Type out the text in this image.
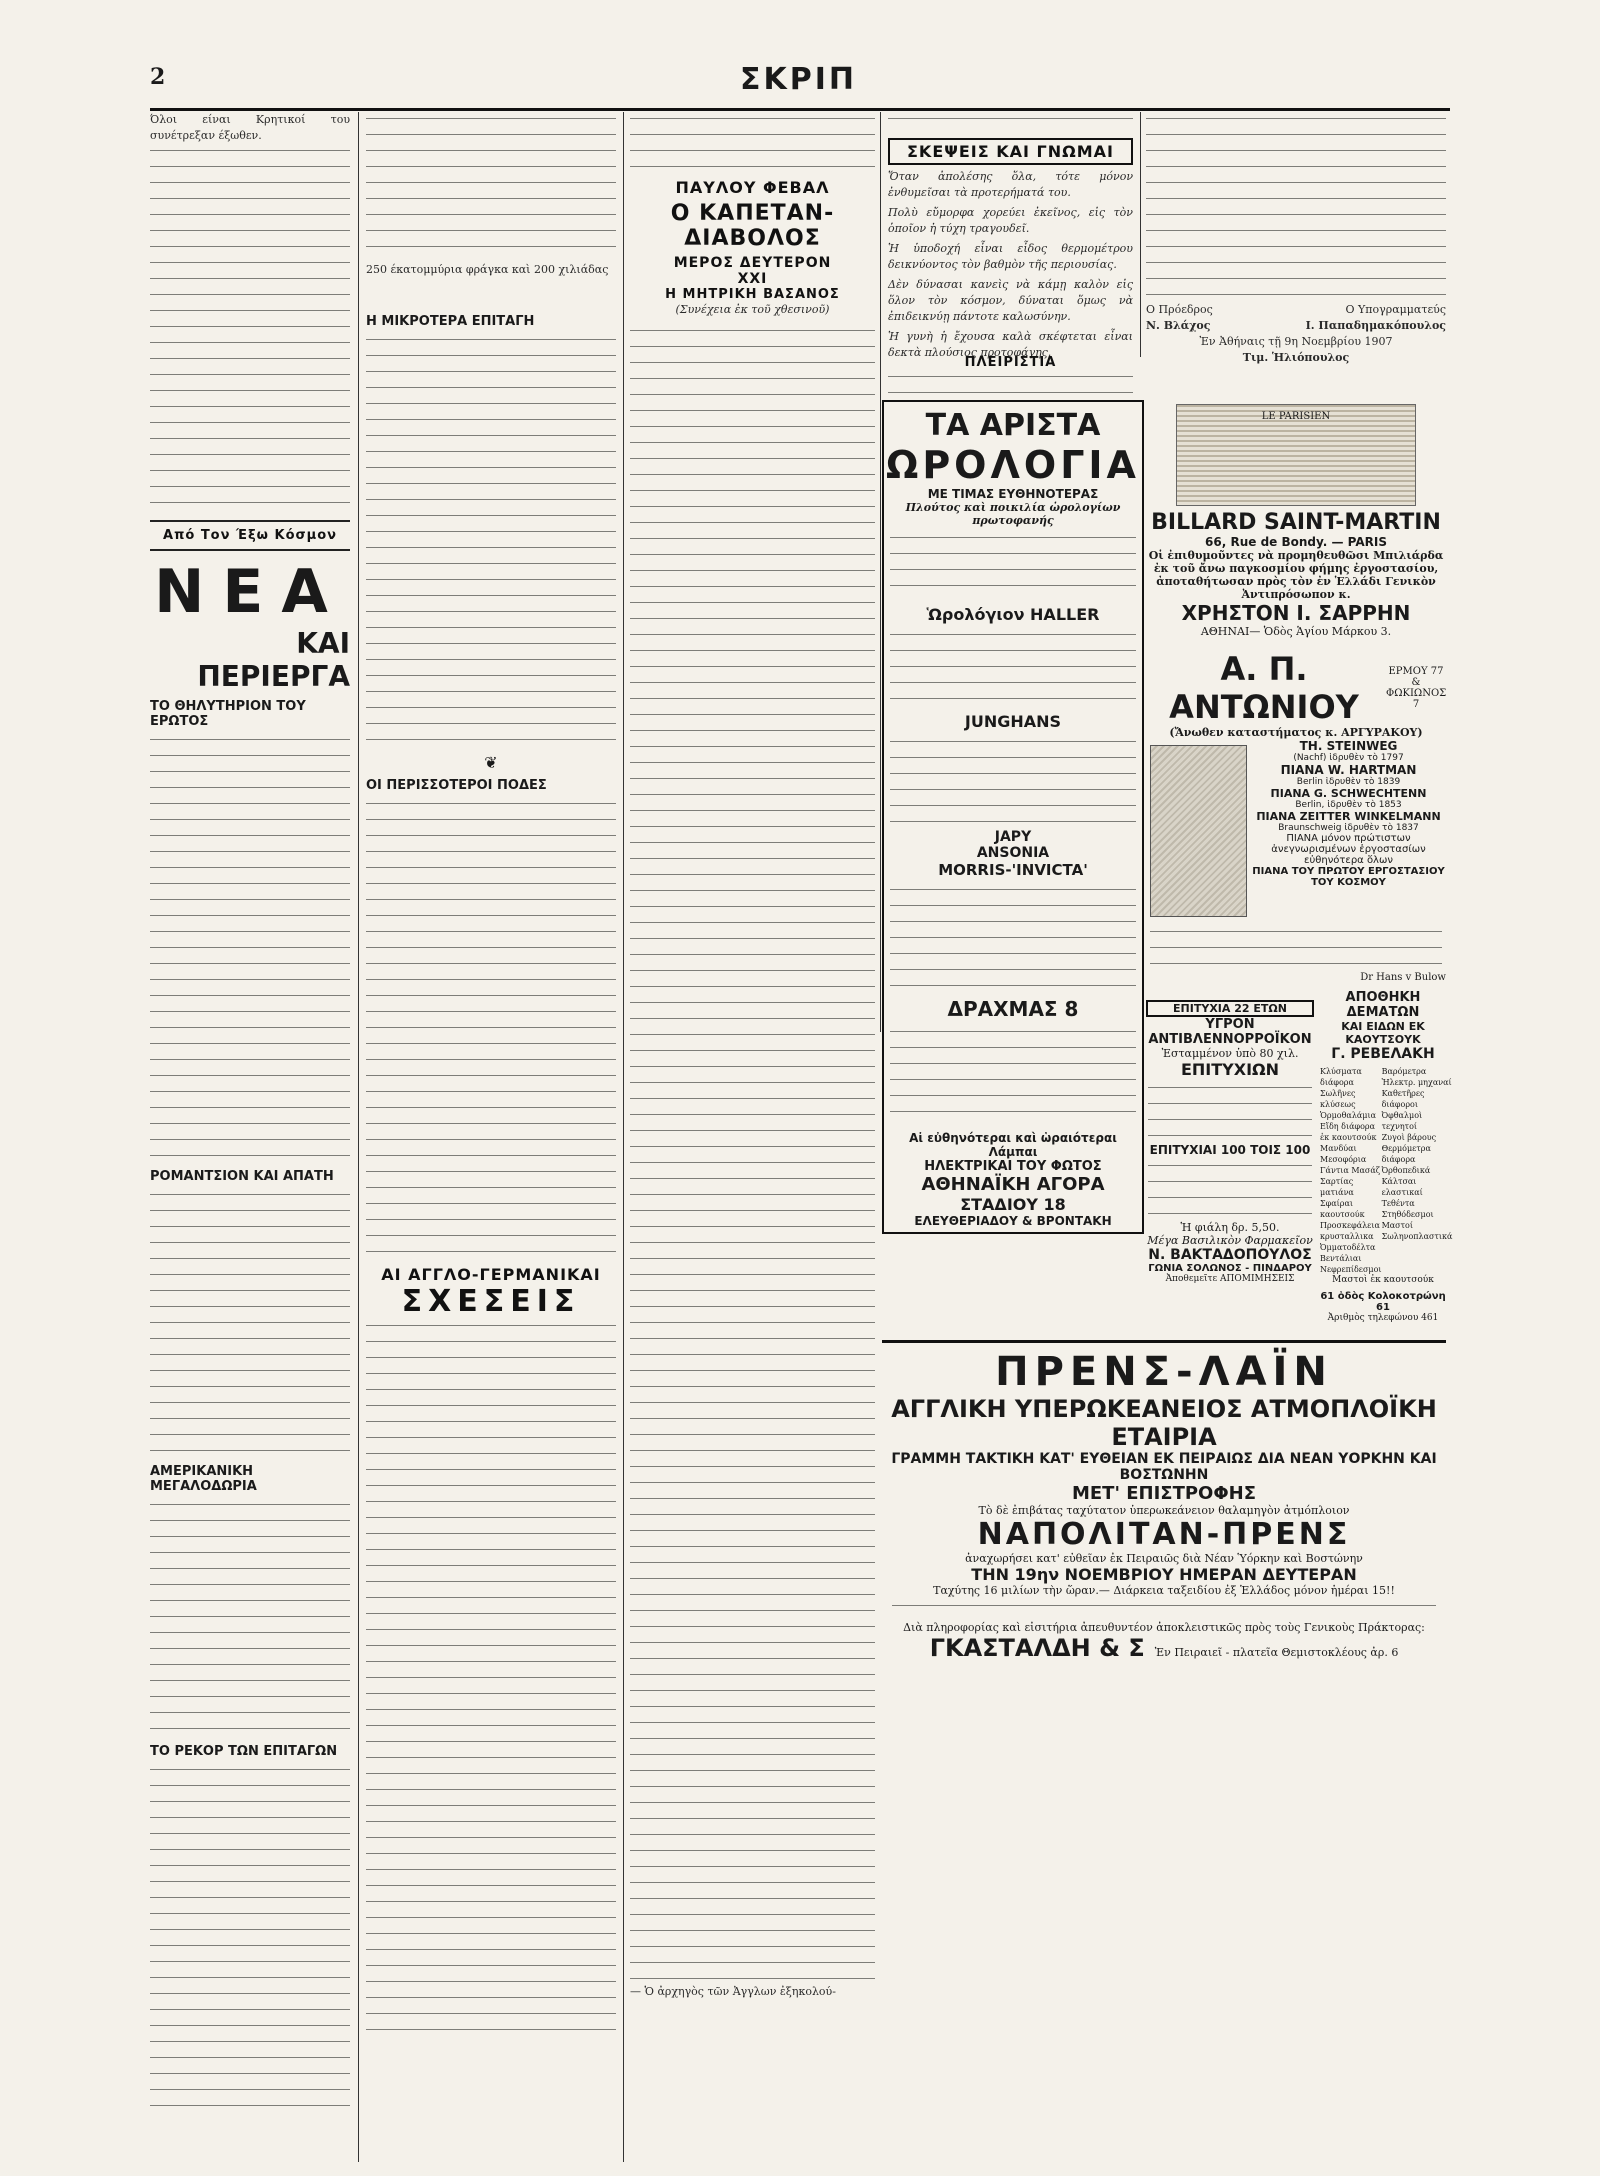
2	ΣΚΡΙΠ
Όλοι είναι Κρητικοί του συνέτρεξαν έξωθεν.
Από Τον Έξω Κόσμον
ΝΕΑ
ΚΑΙ ΠΕΡΙΕΡΓΑ
ΤΟ ΘΗΛΥΤΗΡΙΟΝ ΤΟΥ ΕΡΩΤΟΣ
ΡΟΜΑΝΤΣΙΟΝ ΚΑΙ ΑΠΑΤΗ
ΑΜΕΡΙΚΑΝΙΚΗ ΜΕΓΑΛΟΔΩΡΙΑ
ΤΟ ΡΕΚΟΡ ΤΩΝ ΕΠΙΤΑΓΩΝ
250 έκατομμύρια φράγκα καὶ 200 χιλιάδας
Η ΜΙΚΡΟΤΕΡΑ ΕΠΙΤΑΓΗ
❦
ΟΙ ΠΕΡΙΣΣΟΤΕΡΟΙ ΠΟΔΕΣ
ΑΙ ΑΓΓΛΟ-ΓΕΡΜΑΝΙΚΑΙ
ΣΧΕΣΕΙΣ
ΠΑΥΛΟΥ ΦΕΒΑΛ
Ο ΚΑΠΕΤΑΝ-ΔΙΑΒΟΛΟΣ
ΜΕΡΟΣ ΔΕΥΤΕΡΟΝ
XXI
Η ΜΗΤΡΙΚΗ ΒΑΣΑΝΟΣ
(Συνέχεια ἐκ τοῦ χθεσινοῦ)
— Ὁ ἀρχηγὸς τῶν Ἀγγλων ἐξηκολού-
ΣΚΕΨΕΙΣ ΚΑΙ ΓΝΩΜΑΙ
Ὅταν ἀπολέσης ὅλα, τότε μόνον ἐνθυμεῖσαι τὰ προτερήματά του.
Πολὺ εὔμορφα χορεύει ἐκεῖνος, εἰς τὸν ὁποῖον ἡ τύχη τραγουδεῖ.
Ἡ ὑποδοχή εἶναι εἶδος θερμομέτρου δεικνύοντος τὸν βαθμὸν τῆς περιουσίας.
Δὲν δύνασαι κανεὶς νὰ κάμῃ καλὸν εἰς ὅλον τὸν κόσμον, δύναται ὅμως νὰ ἐπιδεικνύῃ πάντοτε καλωσύνην.
Ἡ γυνὴ ἡ ἔχουσα καλὰ σκέφτεται εἶναι δεκτὰ πλούσιος προτοφάγης.
ΠΛΕΙΡΙΣΤΙΑ
Ο Πρόεδρος	Ο Υπογραμματεύς
Ν. Βλάχος	Ι. Παπαδημακόπουλος
Ἐν Ἀθήναις τῇ 9η Νοεμβρίου 1907
Τιμ. Ἡλιόπουλος
ΤΑ ΑΡΙΣΤΑ
ΩΡΟΛΟΓΙΑ
ΜΕ ΤΙΜΑΣ ΕΥΘΗΝΟΤΕΡΑΣ
Πλούτος καὶ ποικιλία ὡρολογίων πρωτοφανής
Ὡρολόγιον HALLER
JUNGHANS
JAPY
ANSONIA
MORRIS-'INVICTA'
ΔΡΑΧΜΑΣ 8
Αἰ εὐθηνότεραι καὶ ὡραιότεραι Λάμπαι
ΗΛΕΚΤΡΙΚΑΙ ΤΟΥ ΦΩΤΟΣ
ΑΘΗΝΑΪΚΗ ΑΓΟΡΑ
ΣΤΑΔΙΟΥ 18
ΕΛΕΥΘΕΡΙΑΔΟΥ & ΒΡΟΝΤΑΚΗ
LE PARISIEN
BILLARD SAINT-MARTIN
66, Rue de Bondy. — PARIS
Οἱ ἐπιθυμοῦντες νὰ προμηθευθῶσι Μπιλιάρδα ἐκ τοῦ ἄνω παγκοσμίου φήμης ἐργοστασίου, ἀποταθήτωσαν πρὸς τὸν ἐν Ἑλλάδι Γενικὸν Ἀντιπρόσωπον κ.
ΧΡΗΣΤΟΝ Ι. ΣΑΡΡΗΝ
ΑΘΗΝΑΙ— Ὁδὸς Ἁγίου Μάρκου 3.
Α. Π. ΑΝΤΩΝΙΟΥ
ΕΡΜΟΥ 77 & ΦΩΚΙΩΝΟΣ 7
(Ἄνωθεν καταστήματος κ. ΑΡΓΥΡΑΚΟΥ)
TH. STEINWEG
(Nachf) ἱδρυθὲν τὸ 1797
ΠΙΑΝΑ W. HARTMAN
Berlin ἱδρυθὲν τὸ 1839
ΠΙΑΝΑ G. SCHWECHTENN
Berlin, ἱδρυθὲν τὸ 1853
ΠΙΑΝΑ ZEITTER WINKELMANN
Braunschweig ἱδρυθὲν τὸ 1837
ΠΙΑΝΑ μόνον πρώτιστων ἀνεγνωρισμένων ἐργοστασίων εὐθηνότερα ὅλων
ΠΙΑΝΑ ΤΟΥ ΠΡΩΤΟΥ ΕΡΓΟΣΤΑΣΙΟΥ ΤΟΥ ΚΟΣΜΟΥ
Dr Hans v Bulow
ΕΠΙΤΥΧΙΑ 22 ΕΤΩΝ
ΥΓΡΟΝ ΑΝΤΙΒΛΕΝΝΟΡΡΟΪΚΟΝ
Ἐσταμμένον ὑπὸ 80 χιλ.
ΕΠΙΤΥΧΙΩΝ
ΕΠΙΤΥΧΙΑΙ 100 ΤΟΙΣ 100
Ἡ φιάλη δρ. 5,50.
Μέγα Βασιλικὸν Φαρμακεῖον
Ν. ΒΑΚΤΑΔΟΠΟΥΛΟΣ
ΓΩΝΙΑ ΣΟΛΩΝΟΣ - ΠΙΝΔΑΡΟΥ
Ἀποθεμεῖτε ΑΠΟΜΙΜΗΣΕΙΣ
ΑΠΟΘΗΚΗ ΔΕΜΑΤΩΝ
ΚΑΙ ΕΙΔΩΝ ΕΚ ΚΑΟΥΤΣΟΥΚ
Γ. ΡΕΒΕΛΑΚΗ
Κλύσματα διάφορα
Σωλῆνες κλύσεως
Ὁρμοθαλάμια
Εἴδη διάφορα ἐκ καουτσούκ
Μανδύαι
Μεσοφόρια
Γάντια Μασάζ
Σαρτίας ματιάνα
Σφαίραι καουτσούκ
Προσκεφάλεια κρυσταλλικα
Ὀμματοδέλτα
Βεντάλιαι
Νεφρεπίδεσμοι
Βαρόμετρα
Ἠλεκτρ. μηχαναί
Καθετῆρες διάφοροι
Ὀφθαλμοὶ τεχνητοί
Ζυγοὶ βάρους
Θερμόμετρα διάφορα
Ὀρθοπεδικά
Κάλτσαι ελαστικαί
Τεθέντα
Στηθόδεσμοι
Μαστοί
Σωληνοπλαστικά
Μαστοὶ ἐκ καουτσούκ
61 ὁδὸς Κολοκοτρώνη 61
Ἀριθμὸς τηλεφώνου 461
ΠΡΕΝΣ-ΛΑΪΝ
ΑΓΓΛΙΚΗ ΥΠΕΡΩΚΕΑΝΕΙΟΣ ΑΤΜΟΠΛΟΪΚΗ ΕΤΑΙΡΙΑ
ΓΡΑΜΜΗ ΤΑΚΤΙΚΗ ΚΑΤ' ΕΥΘΕΙΑΝ ΕΚ ΠΕΙΡΑΙΩΣ ΔΙΑ ΝΕΑΝ ΥΟΡΚΗΝ ΚΑΙ ΒΟΣΤΩΝΗΝ
ΜΕΤ' ΕΠΙΣΤΡΟΦΗΣ
Τὸ δὲ ἐπιβάτας ταχύτατον ὑπερωκεάνειον θαλαμηγὸν ἀτμόπλοιον
ΝΑΠΟΛΙΤΑΝ-ΠΡΕΝΣ
ἀναχωρήσει κατ' εὐθεῖαν ἐκ Πειραιῶς διὰ Νέαν Ὑόρκην καὶ Βοστώνην
ΤΗΝ 19ην ΝΟΕΜΒΡΙΟΥ ΗΜΕΡΑΝ ΔΕΥΤΕΡΑΝ
Ταχύτης 16 μιλίων τὴν ὥραν.— Διάρκεια ταξειδίου ἐξ Ἑλλάδος μόνον ἡμέραι 15!!
Διὰ πληροφορίας καὶ εἰσιτήρια ἀπευθυντέον ἀποκλειστικῶς πρὸς τοὺς Γενικοὺς Πράκτορας:
ΓΚΑΣΤΑΛΔΗ & Σ Ἐν Πειραιεῖ - πλατεῖα Θεμιστοκλέους ἀρ. 6
